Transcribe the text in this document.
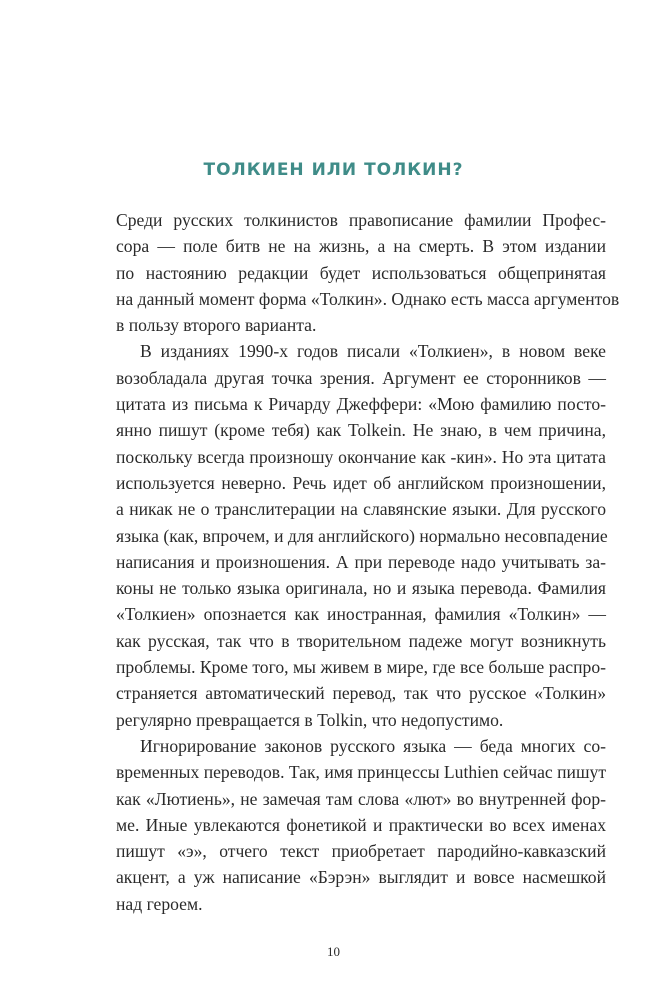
ТОЛКИЕН ИЛИ ТОЛКИН?
Среди русских толкинистов правописание фамилии Профес-
сора — поле битв не на жизнь, а на смерть. В этом издании
по настоянию редакции будет использоваться общепринятая
на данный момент форма «Толкин». Однако есть масса аргументов
в пользу второго варианта.
В изданиях 1990-х годов писали «Толкиен», в новом веке
возобладала другая точка зрения. Аргумент ее сторонников —
цитата из письма к Ричарду Джеффери: «Мою фамилию посто-
янно пишут (кроме тебя) как Tolkein. Не знаю, в чем причина,
поскольку всегда произношу окончание как -кин». Но эта цитата
используется неверно. Речь идет об английском произношении,
а никак не о транслитерации на славянские языки. Для русского
языка (как, впрочем, и для английского) нормально несовпадение
написания и произношения. А при переводе надо учитывать за-
коны не только языка оригинала, но и языка перевода. Фамилия
«Толкиен» опознается как иностранная, фамилия «Толкин» —
как русская, так что в творительном падеже могут возникнуть
проблемы. Кроме того, мы живем в мире, где все больше распро-
страняется автоматический перевод, так что русское «Толкин»
регулярно превращается в Tolkin, что недопустимо.
Игнорирование законов русского языка — беда многих со-
временных переводов. Так, имя принцессы Luthien сейчас пишут
как «Лютиень», не замечая там слова «лют» во внутренней фор-
ме. Иные увлекаются фонетикой и практически во всех именах
пишут «э», отчего текст приобретает пародийно-кавказский
акцент, а уж написание «Бэрэн» выглядит и вовсе насмешкой
над героем.
10
